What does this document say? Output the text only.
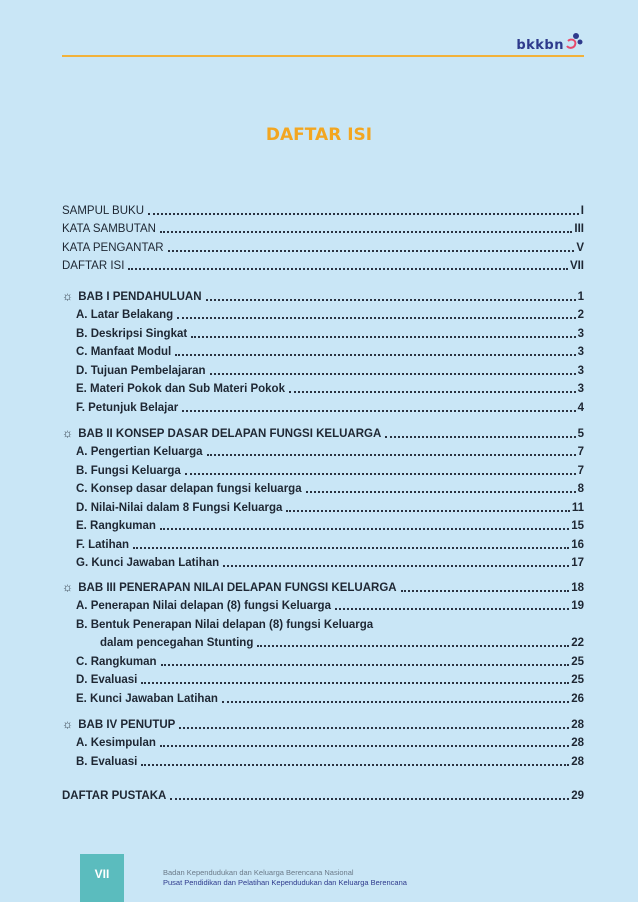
bkkbn
DAFTAR ISI
SAMPUL BUKU	I
KATA SAMBUTAN	III
KATA PENGANTAR	V
DAFTAR ISI	VII
☼ BAB I PENDAHULUAN	1
A. Latar Belakang	2
B. Deskripsi Singkat	3
C. Manfaat Modul	3
D. Tujuan Pembelajaran	3
E. Materi Pokok dan Sub Materi Pokok	3
F. Petunjuk Belajar	4
☼ BAB II KONSEP DASAR DELAPAN FUNGSI KELUARGA	5
A. Pengertian Keluarga	7
B. Fungsi Keluarga	7
C. Konsep dasar delapan fungsi keluarga	8
D. Nilai-Nilai dalam 8 Fungsi Keluarga	11
E. Rangkuman	15
F. Latihan	16
G. Kunci Jawaban Latihan	17
☼ BAB III PENERAPAN NILAI DELAPAN FUNGSI KELUARGA	18
A. Penerapan Nilai delapan (8) fungsi Keluarga	19
B. Bentuk Penerapan Nilai delapan (8) fungsi Keluarga
dalam pencegahan Stunting	22
C. Rangkuman	25
D. Evaluasi	25
E. Kunci Jawaban Latihan	26
☼ BAB IV PENUTUP	28
A. Kesimpulan	28
B. Evaluasi	28
DAFTAR PUSTAKA	29
VII	Badan Kependudukan dan Keluarga Berencana Nasional
Pusat Pendidikan dan Pelatihan Kependudukan dan Keluarga Berencana
